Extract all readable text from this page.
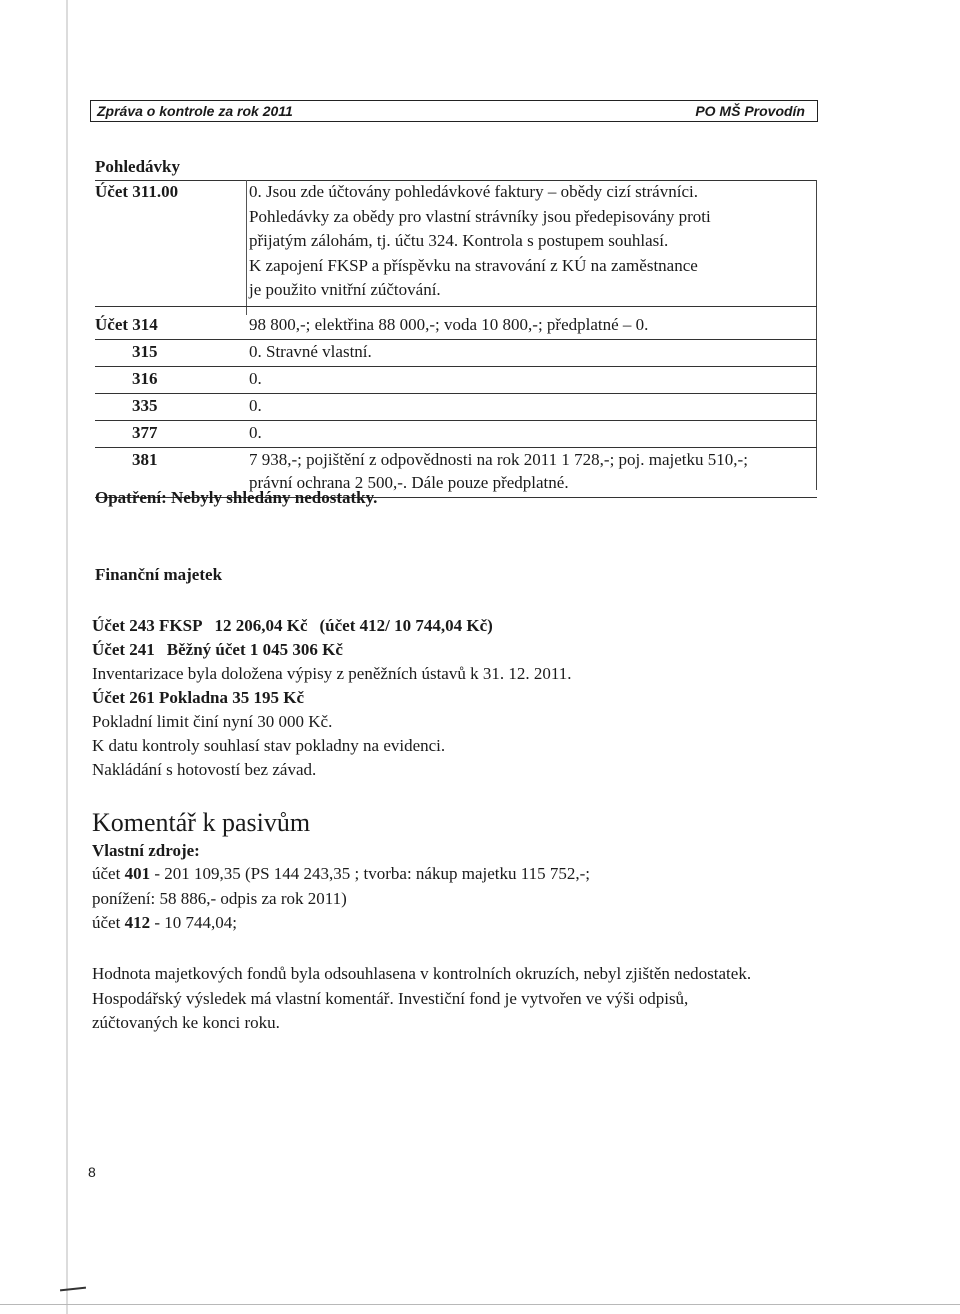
Zpráva o kontrole za rok 2011	PO MŠ Provodín
Pohledávky
Účet 311.00	0. Jsou zde účtovány pohledávkové faktury – obědy cizí strávníci.
Pohledávky za obědy pro vlastní strávníky jsou předepisovány proti
přijatým zálohám, tj. účtu 324. Kontrola s postupem souhlasí.
K zapojení FKSP a příspěvku na stravování z KÚ na zaměstnance
je použito vnitřní zúčtování.
Účet 314	98 800,-; elektřina 88 000,-; voda 10 800,-; předplatné – 0.
315	0. Stravné vlastní.
316	0.
335	0.
377	0.
381	7 938,-; pojištění z odpovědnosti na rok 2011 1 728,-; poj. majetku 510,-;
právní ochrana 2 500,-. Dále pouze předplatné.
Opatření: Nebyly shledány nedostatky.
Finanční majetek
Účet 243 FKSP 12 206,04 Kč (účet 412/ 10 744,04 Kč)
Účet 241 Běžný účet 1 045 306 Kč
Inventarizace byla doložena výpisy z peněžních ústavů k 31. 12. 2011.
Účet 261 Pokladna 35 195 Kč
Pokladní limit činí nyní 30 000 Kč.
K datu kontroly souhlasí stav pokladny na evidenci.
Nakládání s hotovostí bez závad.
Komentář k pasivům
Vlastní zdroje:
účet 401 - 201 109,35 (PS 144 243,35 ; tvorba: nákup majetku 115 752,-;
ponížení: 58 886,- odpis za rok 2011)
účet 412 - 10 744,04;
Hodnota majetkových fondů byla odsouhlasena v kontrolních okruzích, nebyl zjištěn nedostatek.
Hospodářský výsledek má vlastní komentář. Investiční fond je vytvořen ve výši odpisů,
zúčtovaných ke konci roku.
8
